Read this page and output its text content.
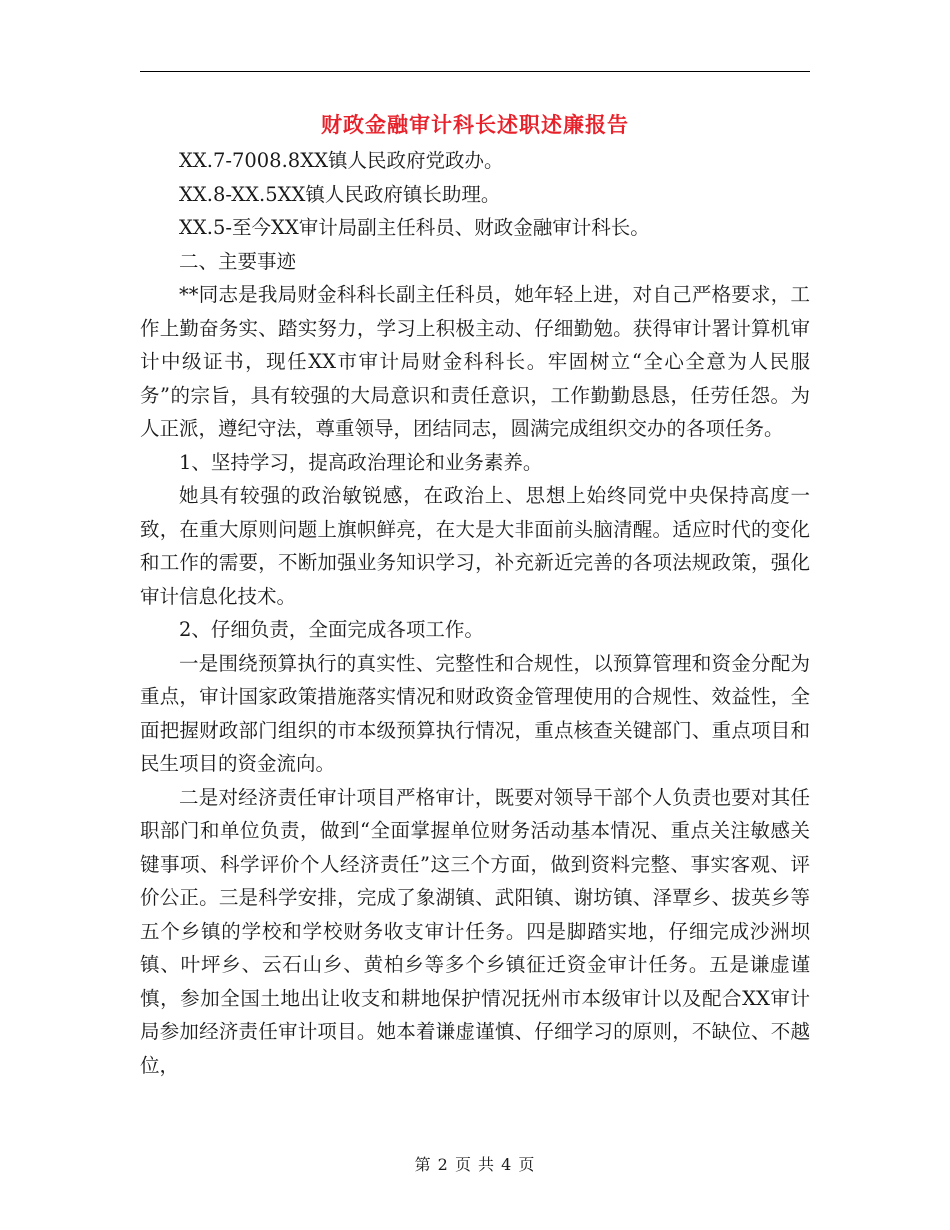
财政金融审计科长述职述廉报告

XX.7-7008.8XX镇人民政府党政办。

XX.8-XX.5XX镇人民政府镇长助理。

XX.5-至今XX审计局副主任科员、财政金融审计科长。

二、主要事迹

**同志是我局财金科科长副主任科员，她年轻上进，对自己严格要求，工作上勤奋务实、踏实努力，学习上积极主动、仔细勤勉。获得审计署计算机审计中级证书，现任XX市审计局财金科科长。牢固树立“全心全意为人民服务”的宗旨，具有较强的大局意识和责任意识，工作勤勤恳恳，任劳任怨。为人正派，遵纪守法，尊重领导，团结同志，圆满完成组织交办的各项任务。

1、坚持学习，提高政治理论和业务素养。

她具有较强的政治敏锐感，在政治上、思想上始终同党中央保持高度一致，在重大原则问题上旗帜鲜亮，在大是大非面前头脑清醒。适应时代的变化和工作的需要，不断加强业务知识学习，补充新近完善的各项法规政策，强化审计信息化技术。

2、仔细负责，全面完成各项工作。

一是围绕预算执行的真实性、完整性和合规性，以预算管理和资金分配为重点，审计国家政策措施落实情况和财政资金管理使用的合规性、效益性，全面把握财政部门组织的市本级预算执行情况，重点核查关键部门、重点项目和民生项目的资金流向。

二是对经济责任审计项目严格审计，既要对领导干部个人负责也要对其任职部门和单位负责，做到“全面掌握单位财务活动基本情况、重点关注敏感关键事项、科学评价个人经济责任”这三个方面，做到资料完整、事实客观、评价公正。三是科学安排，完成了象湖镇、武阳镇、谢坊镇、泽覃乡、拔英乡等五个乡镇的学校和学校财务收支审计任务。四是脚踏实地，仔细完成沙洲坝镇、叶坪乡、云石山乡、黄柏乡等多个乡镇征迁资金审计任务。五是谦虚谨慎，参加全国土地出让收支和耕地保护情况抚州市本级审计以及配合XX审计局参加经济责任审计项目。她本着谦虚谨慎、仔细学习的原则，不缺位、不越位，

第 2 页 共 4 页
